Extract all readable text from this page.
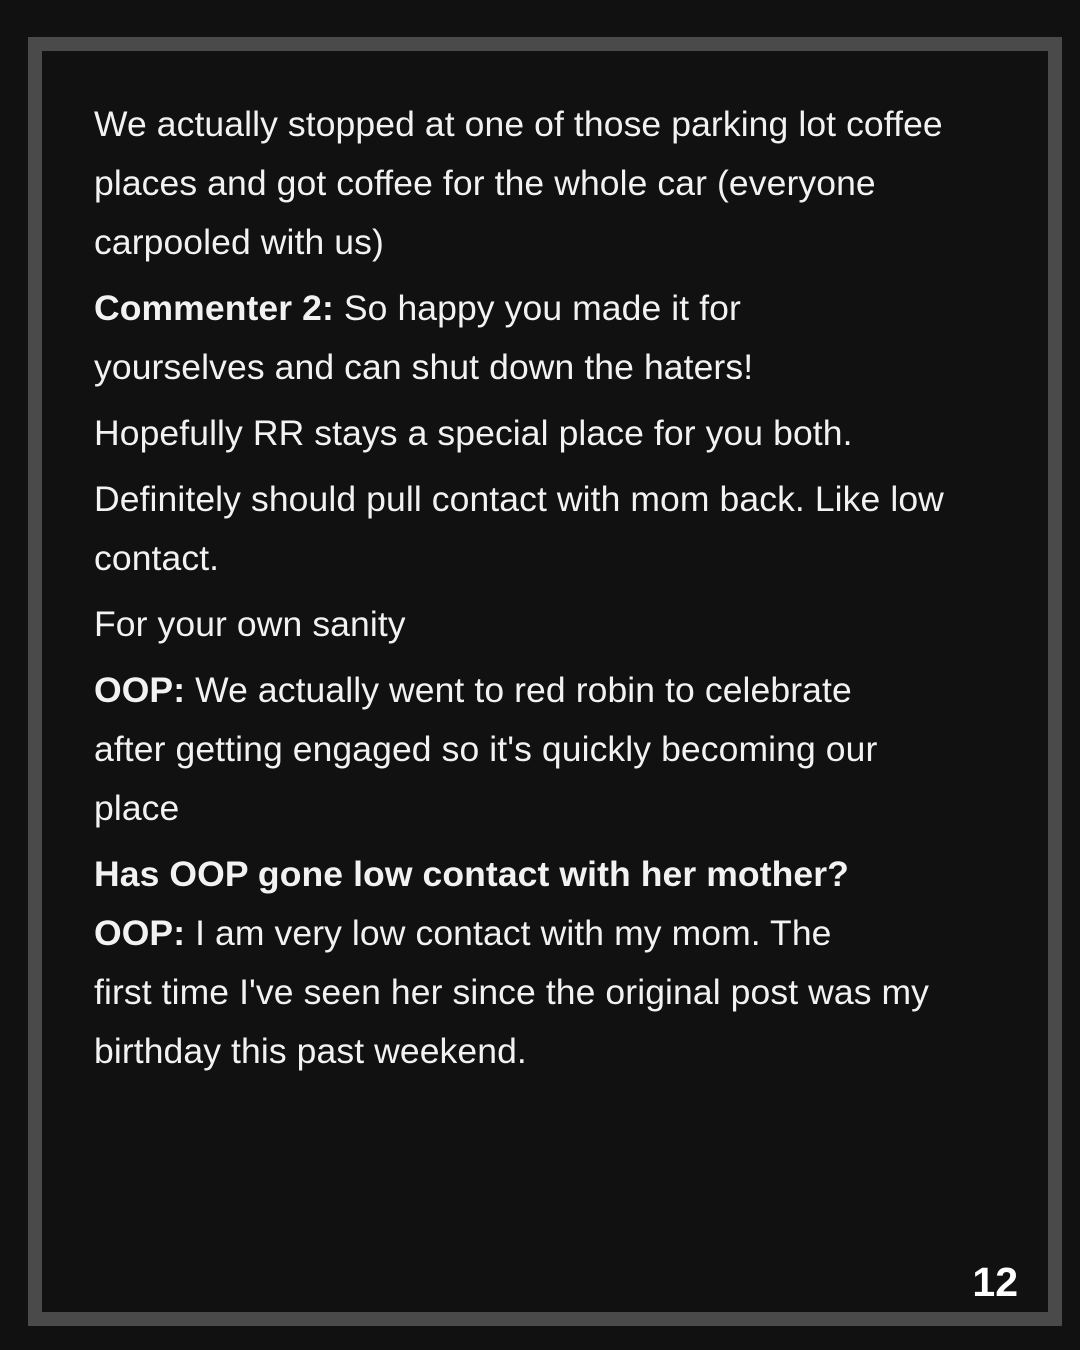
We actually stopped at one of those parking lot coffee
places and got coffee for the whole car (everyone
carpooled with us)

Commenter 2: So happy you made it for
yourselves and can shut down the haters!

Hopefully RR stays a special place for you both.

Definitely should pull contact with mom back. Like low
contact.

For your own sanity

OOP: We actually went to red robin to celebrate
after getting engaged so it's quickly becoming our
place

Has OOP gone low contact with her mother?

OOP: I am very low contact with my mom. The
first time I've seen her since the original post was my
birthday this past weekend.

12
